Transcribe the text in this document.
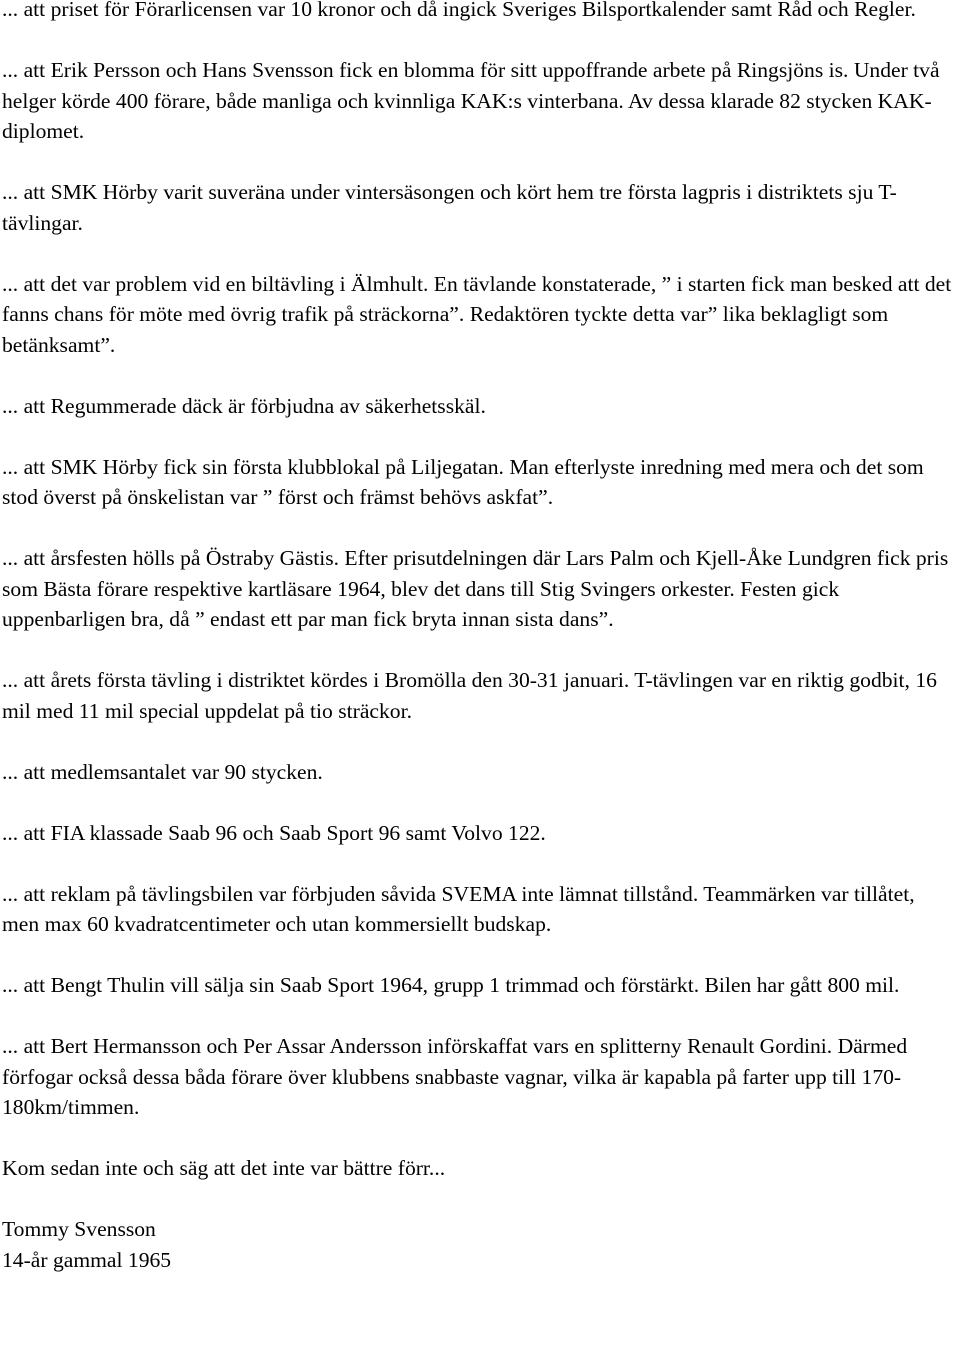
... att priset för Förarlicensen var 10 kronor och då ingick Sveriges Bilsportkalender samt Råd och Regler.

... att Erik Persson och Hans Svensson fick en blomma för sitt uppoffrande arbete på Ringsjöns is. Under två helger körde 400 förare, både manliga och kvinnliga KAK:s vinterbana. Av dessa klarade 82 stycken KAK-diplomet.

... att SMK Hörby varit suveräna under vintersäsongen och kört hem tre första lagpris i distriktets sju T-tävlingar.

... att det var problem vid en biltävling i Älmhult. En tävlande konstaterade, ” i starten fick man besked att det fanns chans för möte med övrig trafik på sträckorna”. Redaktören tyckte detta var” lika beklagligt som betänksamt”.

... att Regummerade däck är förbjudna av säkerhetsskäl.

... att SMK Hörby fick sin första klubblokal på Liljegatan. Man efterlyste inredning med mera och det som stod överst på önskelistan var ” först och främst behövs askfat”.

... att årsfesten hölls på Östraby Gästis. Efter prisutdelningen där Lars Palm och Kjell-Åke Lundgren fick pris som Bästa förare respektive kartläsare 1964, blev det dans till Stig Svingers orkester. Festen gick uppenbarligen bra, då ” endast ett par man fick bryta innan sista dans”.

... att årets första tävling i distriktet kördes i Bromölla den 30-31 januari. T-tävlingen var en riktig godbit, 16 mil med 11 mil special uppdelat på tio sträckor.

... att medlemsantalet var 90 stycken.

... att FIA klassade Saab 96 och Saab Sport 96 samt Volvo 122.

... att reklam på tävlingsbilen var förbjuden såvida SVEMA inte lämnat tillstånd. Teammärken var tillåtet, men max 60 kvadratcentimeter och utan kommersiellt budskap.

... att Bengt Thulin vill sälja sin Saab Sport 1964, grupp 1 trimmad och förstärkt. Bilen har gått 800 mil.

... att Bert Hermansson och Per Assar Andersson införskaffat vars en splitterny Renault Gordini. Därmed förfogar också dessa båda förare över klubbens snabbaste vagnar, vilka är kapabla på farter upp till 170-180km/timmen.

Kom sedan inte och säg att det inte var bättre förr...

Tommy Svensson
14-år gammal 1965
